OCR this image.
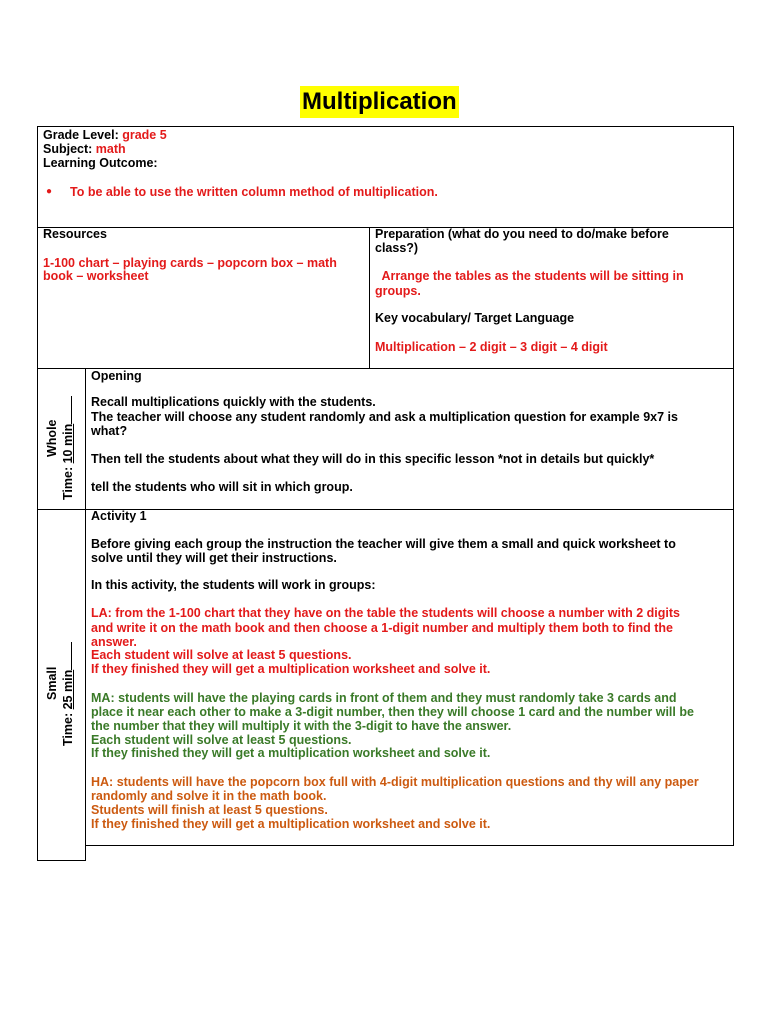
Multiplication
Grade Level: grade 5
Subject: math
Learning Outcome:
● To be able to use the written column method of multiplication.
Resources
1-100 chart – playing cards – popcorn box – math
book – worksheet
Preparation (what do you need to do/make before
class?)
Arrange the tables as the students will be sitting in
groups.
Key vocabulary/ Target Language
Multiplication – 2 digit – 3 digit – 4 digit
Whole
Time: 10 min
Opening
Recall multiplications quickly with the students.
The teacher will choose any student randomly and ask a multiplication question for example 9x7 is
what?
Then tell the students about what they will do in this specific lesson *not in details but quickly*
tell the students who will sit in which group.
Small
Time: 25 min
Activity 1
Before giving each group the instruction the teacher will give them a small and quick worksheet to
solve until they will get their instructions.
In this activity, the students will work in groups:
LA: from the 1-100 chart that they have on the table the students will choose a number with 2 digits
and write it on the math book and then choose a 1-digit number and multiply them both to find the
answer.
Each student will solve at least 5 questions.
If they finished they will get a multiplication worksheet and solve it.
MA: students will have the playing cards in front of them and they must randomly take 3 cards and
place it near each other to make a 3-digit number, then they will choose 1 card and the number will be
the number that they will multiply it with the 3-digit to have the answer.
Each student will solve at least 5 questions.
If they finished they will get a multiplication worksheet and solve it.
HA: students will have the popcorn box full with 4-digit multiplication questions and thy will any paper
randomly and solve it in the math book.
Students will finish at least 5 questions.
If they finished they will get a multiplication worksheet and solve it.
